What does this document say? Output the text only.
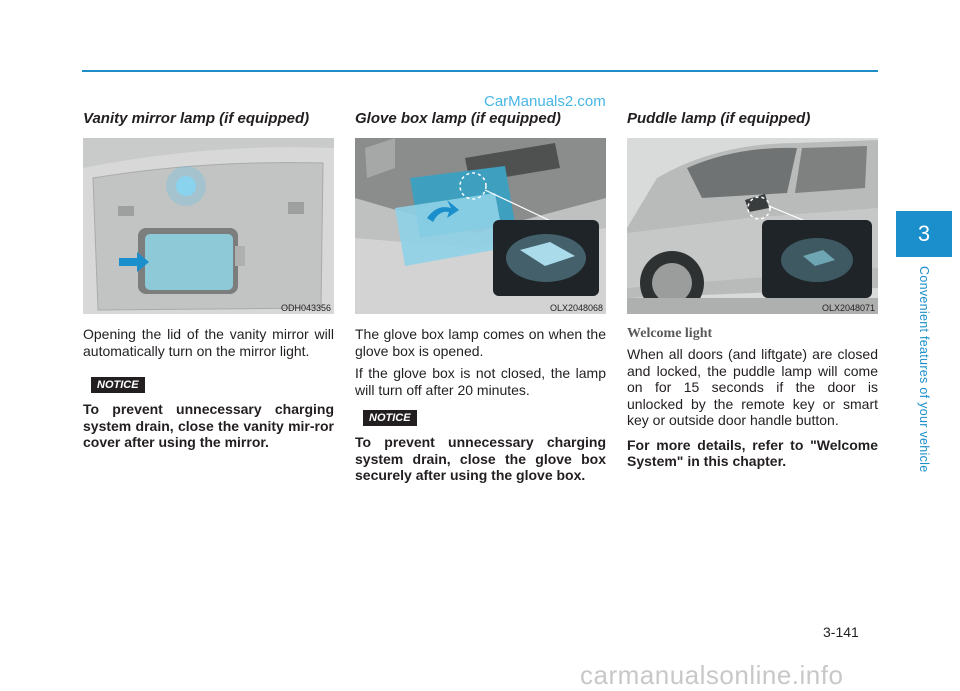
CarManuals2.com
Vanity mirror lamp (if equipped)
ODH043356

Opening the lid of the vanity mirror will automatically turn on the mirror light.

NOTICE

To prevent unnecessary charging system drain, close the vanity mir-ror cover after using the mirror.

Glove box lamp (if equipped)
OLX2048068

The glove box lamp comes on when the glove box is opened.

If the glove box is not closed, the lamp will turn off after 20 minutes.

NOTICE

To prevent unnecessary charging system drain, close the glove box securely after using the glove box.

Puddle lamp (if equipped)
OLX2048071

Welcome light

When all doors (and liftgate) are closed and locked, the puddle lamp will come on for 15 seconds if the door is unlocked by the remote key or smart key or outside door handle button.

For more details, refer to "Welcome System" in this chapter.

3
Convenient features of your vehicle
3-141
carmanualsonline.info
